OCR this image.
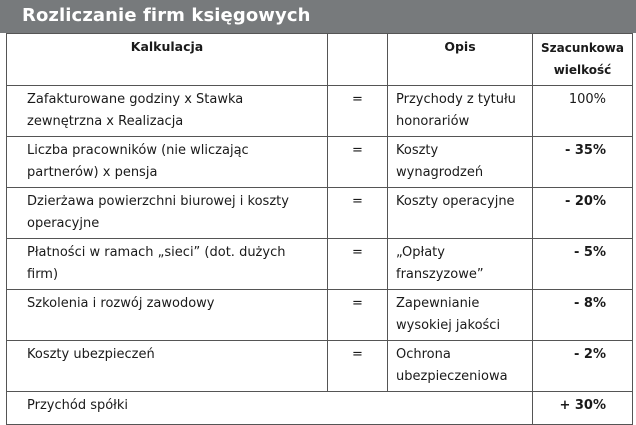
Rozliczanie firm księgowych
Kalkulacja		Opis	Szacunkowa wielkość
Zafakturowane godziny x Stawka zewnętrzna x Realizacja	=	Przychody z tytułu honorariów	100%
Liczba pracowników (nie wliczając partnerów) x pensja	=	Koszty wynagrodzeń	- 35%
Dzierżawa powierzchni biurowej i koszty operacyjne	=	Koszty operacyjne	- 20%
Płatności w ramach „sieci” (dot. dużych firm)	=	„Opłaty franszyzowe”	- 5%
Szkolenia i rozwój zawodowy	=	Zapewnianie wysokiej jakości	- 8%
Koszty ubezpieczeń	=	Ochrona ubezpieczeniowa	- 2%
Przychód spółki			+ 30%
